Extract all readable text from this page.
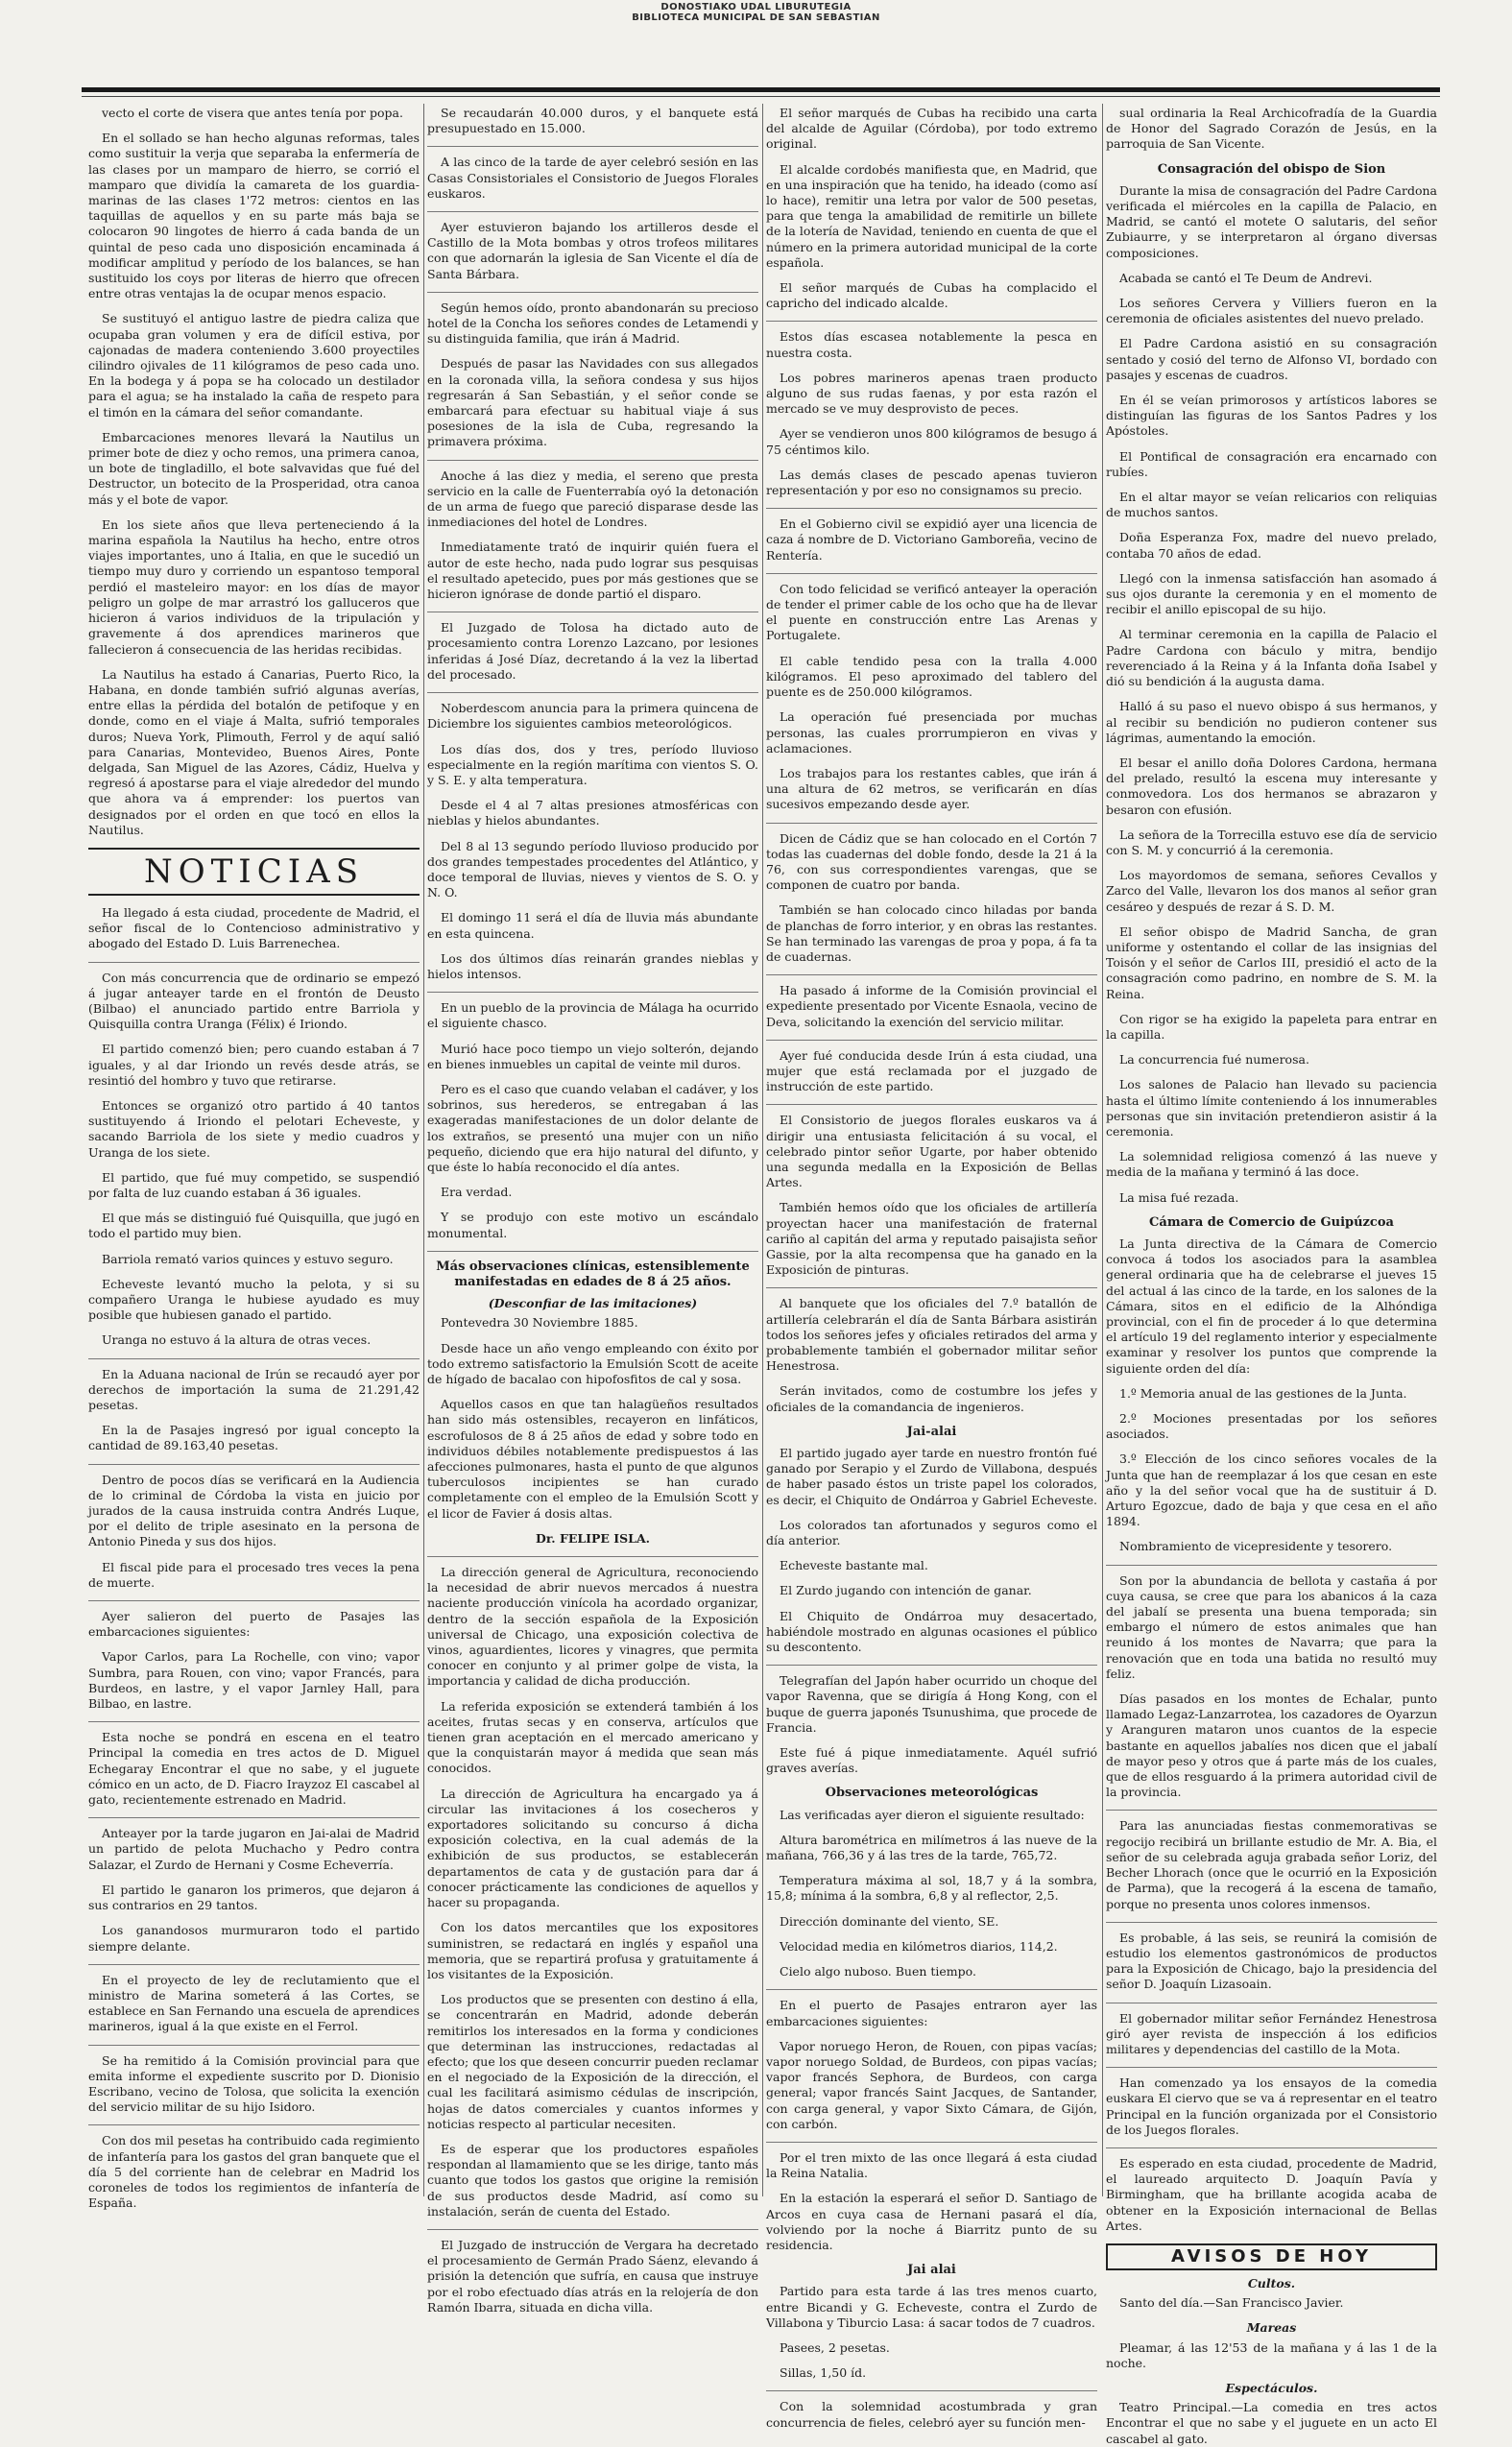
DONOSTIAKO UDAL LIBURUTEGIA
BIBLIOTECA MUNICIPAL DE SAN SEBASTIAN

vecto el corte de visera que antes tenía por popa.

En el sollado se han hecho algunas reformas, tales como sustituir la verja que separaba la enfermería de las clases por un mamparo de hierro, se corrió el mamparo que dividía la camareta de los guardia-marinas de las clases 1'72 metros: cientos en las taquillas de aquellos y en su parte más baja se colocaron 90 lingotes de hierro á cada banda de un quintal de peso cada uno disposición encaminada á modificar amplitud y período de los balances, se han sustituido los coys por literas de hierro que ofrecen entre otras ventajas la de ocupar menos espacio.

Se sustituyó el antiguo lastre de piedra caliza que ocupaba gran volumen y era de difícil estiva, por cajonadas de madera conteniendo 3.600 proyectiles cilindro ojivales de 11 kilógramos de peso cada uno. En la bodega y á popa se ha colocado un destilador para el agua; se ha instalado la caña de respeto para el timón en la cámara del señor comandante.

Embarcaciones menores llevará la Nautilus un primer bote de diez y ocho remos, una primera canoa, un bote de tingladillo, el bote salvavidas que fué del Destructor, un botecito de la Prosperidad, otra canoa más y el bote de vapor.

En los siete años que lleva perteneciendo á la marina española la Nautilus ha hecho, entre otros viajes importantes, uno á Italia, en que le sucedió un tiempo muy duro y corriendo un espantoso temporal perdió el masteleiro mayor: en los días de mayor peligro un golpe de mar arrastró los galluceros que hicieron á varios individuos de la tripulación y gravemente á dos aprendices marineros que fallecieron á consecuencia de las heridas recibidas.

La Nautilus ha estado á Canarias, Puerto Rico, la Habana, en donde también sufrió algunas averías, entre ellas la pérdida del botalón de petifoque y en donde, como en el viaje á Malta, sufrió temporales duros; Nueva York, Plimouth, Ferrol y de aquí salió para Canarias, Montevideo, Buenos Aires, Ponte delgada, San Miguel de las Azores, Cádiz, Huelva y regresó á apostarse para el viaje alrededor del mundo que ahora va á emprender: los puertos van designados por el orden en que tocó en ellos la Nautilus.

NOTICIAS

Ha llegado á esta ciudad, procedente de Madrid, el señor fiscal de lo Contencioso administrativo y abogado del Estado D. Luis Barrenechea.

Con más concurrencia que de ordinario se empezó á jugar anteayer tarde en el frontón de Deusto (Bilbao) el anunciado partido entre Barriola y Quisquilla contra Uranga (Félix) é Iriondo.

El partido comenzó bien; pero cuando estaban á 7 iguales, y al dar Iriondo un revés desde atrás, se resintió del hombro y tuvo que retirarse.

Entonces se organizó otro partido á 40 tantos sustituyendo á Iriondo el pelotari Echeveste, y sacando Barriola de los siete y medio cuadros y Uranga de los siete.

El partido, que fué muy competido, se suspendió por falta de luz cuando estaban á 36 iguales.

El que más se distinguió fué Quisquilla, que jugó en todo el partido muy bien.

Barriola remató varios quinces y estuvo seguro.

Echeveste levantó mucho la pelota, y si su compañero Uranga le hubiese ayudado es muy posible que hubiesen ganado el partido.

Uranga no estuvo á la altura de otras veces.

En la Aduana nacional de Irún se recaudó ayer por derechos de importación la suma de 21.291,42 pesetas.

En la de Pasajes ingresó por igual concepto la cantidad de 89.163,40 pesetas.

Dentro de pocos días se verificará en la Audiencia de lo criminal de Córdoba la vista en juicio por jurados de la causa instruida contra Andrés Luque, por el delito de triple asesinato en la persona de Antonio Pineda y sus dos hijos.

El fiscal pide para el procesado tres veces la pena de muerte.

Ayer salieron del puerto de Pasajes las embarcaciones siguientes:

Vapor Carlos, para La Rochelle, con vino; vapor Sumbra, para Rouen, con vino; vapor Francés, para Burdeos, en lastre, y el vapor Jarnley Hall, para Bilbao, en lastre.

Esta noche se pondrá en escena en el teatro Principal la comedia en tres actos de D. Miguel Echegaray Encontrar el que no sabe, y el juguete cómico en un acto, de D. Fiacro Irayzoz El cascabel al gato, recientemente estrenado en Madrid.

Anteayer por la tarde jugaron en Jai-alai de Madrid un partido de pelota Muchacho y Pedro contra Salazar, el Zurdo de Hernani y Cosme Echeverría.

El partido le ganaron los primeros, que dejaron á sus contrarios en 29 tantos.

Los ganandosos murmuraron todo el partido siempre delante.

En el proyecto de ley de reclutamiento que el ministro de Marina someterá á las Cortes, se establece en San Fernando una escuela de aprendices marineros, igual á la que existe en el Ferrol.

Se ha remitido á la Comisión provincial para que emita informe el expediente suscrito por D. Dionisio Escribano, vecino de Tolosa, que solicita la exención del servicio militar de su hijo Isidoro.

Con dos mil pesetas ha contribuido cada regimiento de infantería para los gastos del gran banquete que el día 5 del corriente han de celebrar en Madrid los coroneles de todos los regimientos de infantería de España.

Se recaudarán 40.000 duros, y el banquete está presupuestado en 15.000.

A las cinco de la tarde de ayer celebró sesión en las Casas Consistoriales el Consistorio de Juegos Florales euskaros.

Ayer estuvieron bajando los artilleros desde el Castillo de la Mota bombas y otros trofeos militares con que adornarán la iglesia de San Vicente el día de Santa Bárbara.

Según hemos oído, pronto abandonarán su precioso hotel de la Concha los señores condes de Letamendi y su distinguida familia, que irán á Madrid.

Después de pasar las Navidades con sus allegados en la coronada villa, la señora condesa y sus hijos regresarán á San Sebastián, y el señor conde se embarcará para efectuar su habitual viaje á sus posesiones de la isla de Cuba, regresando la primavera próxima.

Anoche á las diez y media, el sereno que presta servicio en la calle de Fuenterrabía oyó la detonación de un arma de fuego que pareció disparase desde las inmediaciones del hotel de Londres.

Inmediatamente trató de inquirir quién fuera el autor de este hecho, nada pudo lograr sus pesquisas el resultado apetecido, pues por más gestiones que se hicieron ignórase de donde partió el disparo.

El Juzgado de Tolosa ha dictado auto de procesamiento contra Lorenzo Lazcano, por lesiones inferidas á José Díaz, decretando á la vez la libertad del procesado.

Noberdescom anuncia para la primera quincena de Diciembre los siguientes cambios meteorológicos.

Los días dos, dos y tres, período lluvioso especialmente en la región marítima con vientos S. O. y S. E. y alta temperatura.

Desde el 4 al 7 altas presiones atmosféricas con nieblas y hielos abundantes.

Del 8 al 13 segundo período lluvioso producido por dos grandes tempestades procedentes del Atlántico, y doce temporal de lluvias, nieves y vientos de S. O. y N. O.

El domingo 11 será el día de lluvia más abundante en esta quincena.

Los dos últimos días reinarán grandes nieblas y hielos intensos.

En un pueblo de la provincia de Málaga ha ocurrido el siguiente chasco.

Murió hace poco tiempo un viejo solterón, dejando en bienes inmuebles un capital de veinte mil duros.

Pero es el caso que cuando velaban el cadáver, y los sobrinos, sus herederos, se entregaban á las exageradas manifestaciones de un dolor delante de los extraños, se presentó una mujer con un niño pequeño, diciendo que era hijo natural del difunto, y que éste lo había reconocido el día antes.

Era verdad.

Y se produjo con este motivo un escándalo monumental.

Más observaciones clínicas, estensiblemente manifestadas en edades de 8 á 25 años.

(Desconfiar de las imitaciones)

Pontevedra 30 Noviembre 1885.

Desde hace un año vengo empleando con éxito por todo extremo satisfactorio la Emulsión Scott de aceite de hígado de bacalao con hipofosfitos de cal y sosa.

Aquellos casos en que tan halagüeños resultados han sido más ostensibles, recayeron en linfáticos, escrofulosos de 8 á 25 años de edad y sobre todo en individuos débiles notablemente predispuestos á las afecciones pulmonares, hasta el punto de que algunos tuberculosos incipientes se han curado completamente con el empleo de la Emulsión Scott y el licor de Favier á dosis altas.

Dr. FELIPE ISLA.

La dirección general de Agricultura, reconociendo la necesidad de abrir nuevos mercados á nuestra naciente producción vinícola ha acordado organizar, dentro de la sección española de la Exposición universal de Chicago, una exposición colectiva de vinos, aguardientes, licores y vinagres, que permita conocer en conjunto y al primer golpe de vista, la importancia y calidad de dicha producción.

La referida exposición se extenderá también á los aceites, frutas secas y en conserva, artículos que tienen gran aceptación en el mercado americano y que la conquistarán mayor á medida que sean más conocidos.

La dirección de Agricultura ha encargado ya á circular las invitaciones á los cosecheros y exportadores solicitando su concurso á dicha exposición colectiva, en la cual además de la exhibición de sus productos, se establecerán departamentos de cata y de gustación para dar á conocer prácticamente las condiciones de aquellos y hacer su propaganda.

Con los datos mercantiles que los expositores suministren, se redactará en inglés y español una memoria, que se repartirá profusa y gratuitamente á los visitantes de la Exposición.

Los productos que se presenten con destino á ella, se concentrarán en Madrid, adonde deberán remitirlos los interesados en la forma y condiciones que determinan las instrucciones, redactadas al efecto; que los que deseen concurrir pueden reclamar en el negociado de la Exposición de la dirección, el cual les facilitará asimismo cédulas de inscripción, hojas de datos comerciales y cuantos informes y noticias respecto al particular necesiten.

Es de esperar que los productores españoles respondan al llamamiento que se les dirige, tanto más cuanto que todos los gastos que origine la remisión de sus productos desde Madrid, así como su instalación, serán de cuenta del Estado.

El Juzgado de instrucción de Vergara ha decretado el procesamiento de Germán Prado Sáenz, elevando á prisión la detención que sufría, en causa que instruye por el robo efectuado días atrás en la relojería de don Ramón Ibarra, situada en dicha villa.

El señor marqués de Cubas ha recibido una carta del alcalde de Aguilar (Córdoba), por todo extremo original.

El alcalde cordobés manifiesta que, en Madrid, que en una inspiración que ha tenido, ha ideado (como así lo hace), remitir una letra por valor de 500 pesetas, para que tenga la amabilidad de remitirle un billete de la lotería de Navidad, teniendo en cuenta de que el número en la primera autoridad municipal de la corte española.

El señor marqués de Cubas ha complacido el capricho del indicado alcalde.

Estos días escasea notablemente la pesca en nuestra costa.

Los pobres marineros apenas traen producto alguno de sus rudas faenas, y por esta razón el mercado se ve muy desprovisto de peces.

Ayer se vendieron unos 800 kilógramos de besugo á 75 céntimos kilo.

Las demás clases de pescado apenas tuvieron representación y por eso no consignamos su precio.

En el Gobierno civil se expidió ayer una licencia de caza á nombre de D. Victoriano Gamboreña, vecino de Rentería.

Con todo felicidad se verificó anteayer la operación de tender el primer cable de los ocho que ha de llevar el puente en construcción entre Las Arenas y Portugalete.

El cable tendido pesa con la tralla 4.000 kilógramos. El peso aproximado del tablero del puente es de 250.000 kilógramos.

La operación fué presenciada por muchas personas, las cuales prorrumpieron en vivas y aclamaciones.

Los trabajos para los restantes cables, que irán á una altura de 62 metros, se verificarán en días sucesivos empezando desde ayer.

Dicen de Cádiz que se han colocado en el Cortón 7 todas las cuadernas del doble fondo, desde la 21 á la 76, con sus correspondientes varengas, que se componen de cuatro por banda.

También se han colocado cinco hiladas por banda de planchas de forro interior, y en obras las restantes. Se han terminado las varengas de proa y popa, á fa ta de cuadernas.

Ha pasado á informe de la Comisión provincial el expediente presentado por Vicente Esnaola, vecino de Deva, solicitando la exención del servicio militar.

Ayer fué conducida desde Irún á esta ciudad, una mujer que está reclamada por el juzgado de instrucción de este partido.

El Consistorio de juegos florales euskaros va á dirigir una entusiasta felicitación á su vocal, el celebrado pintor señor Ugarte, por haber obtenido una segunda medalla en la Exposición de Bellas Artes.

También hemos oído que los oficiales de artillería proyectan hacer una manifestación de fraternal cariño al capitán del arma y reputado paisajista señor Gassie, por la alta recompensa que ha ganado en la Exposición de pinturas.

Al banquete que los oficiales del 7.º batallón de artillería celebrarán el día de Santa Bárbara asistirán todos los señores jefes y oficiales retirados del arma y probablemente también el gobernador militar señor Henestrosa.

Serán invitados, como de costumbre los jefes y oficiales de la comandancia de ingenieros.

Jai-alai

El partido jugado ayer tarde en nuestro frontón fué ganado por Serapio y el Zurdo de Villabona, después de haber pasado éstos un triste papel los colorados, es decir, el Chiquito de Ondárroa y Gabriel Echeveste.

Los colorados tan afortunados y seguros como el día anterior.

Echeveste bastante mal.

El Zurdo jugando con intención de ganar.

El Chiquito de Ondárroa muy desacertado, habiéndole mostrado en algunas ocasiones el público su descontento.

Telegrafían del Japón haber ocurrido un choque del vapor Ravenna, que se dirigía á Hong Kong, con el buque de guerra japonés Tsunushima, que procede de Francia.

Este fué á pique inmediatamente. Aquél sufrió graves averías.

Observaciones meteorológicas

Las verificadas ayer dieron el siguiente resultado:

Altura barométrica en milímetros á las nueve de la mañana, 766,36 y á las tres de la tarde, 765,72.

Temperatura máxima al sol, 18,7 y á la sombra, 15,8; mínima á la sombra, 6,8 y al reflector, 2,5.

Dirección dominante del viento, SE.

Velocidad media en kilómetros diarios, 114,2.

Cielo algo nuboso. Buen tiempo.

En el puerto de Pasajes entraron ayer las embarcaciones siguientes:

Vapor noruego Heron, de Rouen, con pipas vacías; vapor noruego Soldad, de Burdeos, con pipas vacías; vapor francés Sephora, de Burdeos, con carga general; vapor francés Saint Jacques, de Santander, con carga general, y vapor Sixto Cámara, de Gijón, con carbón.

Por el tren mixto de las once llegará á esta ciudad la Reina Natalia.

En la estación la esperará el señor D. Santiago de Arcos en cuya casa de Hernani pasará el día, volviendo por la noche á Biarritz punto de su residencia.

Jai alai

Partido para esta tarde á las tres menos cuarto, entre Bicandi y G. Echeveste, contra el Zurdo de Villabona y Tiburcio Lasa: á sacar todos de 7 cuadros.

Pasees, 2 pesetas.

Sillas, 1,50 íd.

Con la solemnidad acostumbrada y gran concurrencia de fieles, celebró ayer su función men-

sual ordinaria la Real Archicofradía de la Guardia de Honor del Sagrado Corazón de Jesús, en la parroquia de San Vicente.

Consagración del obispo de Sion

Durante la misa de consagración del Padre Cardona verificada el miércoles en la capilla de Palacio, en Madrid, se cantó el motete O salutaris, del señor Zubiaurre, y se interpretaron al órgano diversas composiciones.

Acabada se cantó el Te Deum de Andrevi.

Los señores Cervera y Villiers fueron en la ceremonia de oficiales asistentes del nuevo prelado.

El Padre Cardona asistió en su consagración sentado y cosió del terno de Alfonso VI, bordado con pasajes y escenas de cuadros.

En él se veían primorosos y artísticos labores se distinguían las figuras de los Santos Padres y los Apóstoles.

El Pontifical de consagración era encarnado con rubíes.

En el altar mayor se veían relicarios con reliquias de muchos santos.

Doña Esperanza Fox, madre del nuevo prelado, contaba 70 años de edad.

Llegó con la inmensa satisfacción han asomado á sus ojos durante la ceremonia y en el momento de recibir el anillo episcopal de su hijo.

Al terminar ceremonia en la capilla de Palacio el Padre Cardona con báculo y mitra, bendijo reverenciado á la Reina y á la Infanta doña Isabel y dió su bendición á la augusta dama.

Halló á su paso el nuevo obispo á sus hermanos, y al recibir su bendición no pudieron contener sus lágrimas, aumentando la emoción.

El besar el anillo doña Dolores Cardona, hermana del prelado, resultó la escena muy interesante y conmovedora. Los dos hermanos se abrazaron y besaron con efusión.

La señora de la Torrecilla estuvo ese día de servicio con S. M. y concurrió á la ceremonia.

Los mayordomos de semana, señores Cevallos y Zarco del Valle, llevaron los dos manos al señor gran cesáreo y después de rezar á S. D. M.

El señor obispo de Madrid Sancha, de gran uniforme y ostentando el collar de las insignias del Toisón y el señor de Carlos III, presidió el acto de la consagración como padrino, en nombre de S. M. la Reina.

Con rigor se ha exigido la papeleta para entrar en la capilla.

La concurrencia fué numerosa.

Los salones de Palacio han llevado su paciencia hasta el último límite conteniendo á los innumerables personas que sin invitación pretendieron asistir á la ceremonia.

La solemnidad religiosa comenzó á las nueve y media de la mañana y terminó á las doce.

La misa fué rezada.

Cámara de Comercio de Guipúzcoa

La Junta directiva de la Cámara de Comercio convoca á todos los asociados para la asamblea general ordinaria que ha de celebrarse el jueves 15 del actual á las cinco de la tarde, en los salones de la Cámara, sitos en el edificio de la Alhóndiga provincial, con el fin de proceder á lo que determina el artículo 19 del reglamento interior y especialmente examinar y resolver los puntos que comprende la siguiente orden del día:

1.º Memoria anual de las gestiones de la Junta.

2.º Mociones presentadas por los señores asociados.

3.º Elección de los cinco señores vocales de la Junta que han de reemplazar á los que cesan en este año y la del señor vocal que ha de sustituir á D. Arturo Egozcue, dado de baja y que cesa en el año 1894.

Nombramiento de vicepresidente y tesorero.

Son por la abundancia de bellota y castaña á por cuya causa, se cree que para los abanicos á la caza del jabalí se presenta una buena temporada; sin embargo el número de estos animales que han reunido á los montes de Navarra; que para la renovación que en toda una batida no resultó muy feliz.

Días pasados en los montes de Echalar, punto llamado Legaz-Lanzarrotea, los cazadores de Oyarzun y Aranguren mataron unos cuantos de la especie bastante en aquellos jabalíes nos dicen que el jabalí de mayor peso y otros que á parte más de los cuales, que de ellos resguardo á la primera autoridad civil de la provincia.

Para las anunciadas fiestas conmemorativas se regocijo recibirá un brillante estudio de Mr. A. Bia, el señor de su celebrada aguja grabada señor Loriz, del Becher Lhorach (once que le ocurrió en la Exposición de Parma), que la recogerá á la escena de tamaño, porque no presenta unos colores inmensos.

Es probable, á las seis, se reunirá la comisión de estudio los elementos gastronómicos de productos para la Exposición de Chicago, bajo la presidencia del señor D. Joaquín Lizasoain.

El gobernador militar señor Fernández Henestrosa giró ayer revista de inspección á los edificios militares y dependencias del castillo de la Mota.

Han comenzado ya los ensayos de la comedia euskara El ciervo que se va á representar en el teatro Principal en la función organizada por el Consistorio de los Juegos florales.

Es esperado en esta ciudad, procedente de Madrid, el laureado arquitecto D. Joaquín Pavía y Birmingham, que ha brillante acogida acaba de obtener en la Exposición internacional de Bellas Artes.

AVISOS DE HOY

Cultos.

Santo del día.—San Francisco Javier.

Mareas

Pleamar, á las 12'53 de la mañana y á las 1 de la noche.

Espectáculos.

Teatro Principal.—La comedia en tres actos Encontrar el que no sabe y el juguete en un acto El cascabel al gato.
